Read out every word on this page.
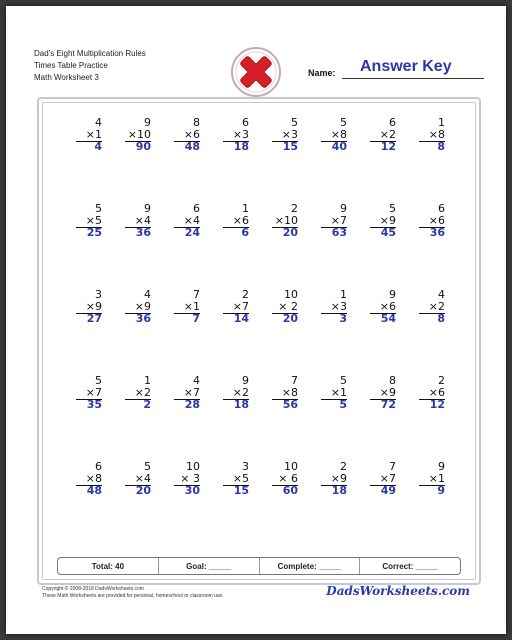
Dad's Eight Multiplication Rules
Times Table Practice
Math Worksheet 3	Name: Answer Key
4
×1
4
9
×10
90
8
×6
48
6
×3
18
5
×3
15
5
×8
40
6
×2
12
1
×8
8
5
×5
25
9
×4
36
6
×4
24
1
×6
6
2
×10
20
9
×7
63
5
×9
45
6
×6
36
3
×9
27
4
×9
36
7
×1
7
2
×7
14
10
× 2
20
1
×3
3
9
×6
54
4
×2
8
5
×7
35
1
×2
2
4
×7
28
9
×2
18
7
×8
56
5
×1
5
8
×9
72
2
×6
12
6
×8
48
5
×4
20
10
× 3
30
3
×5
15
10
× 6
60
2
×9
18
7
×7
49
9
×1
9
Total: 40	Goal: _____	Complete: _____	Correct: _____
Copyright © 2008-2018 DadsWorksheets.com
These Math Worksheets are provided for personal, homeschool or classroom use.	DadsWorksheets.com
